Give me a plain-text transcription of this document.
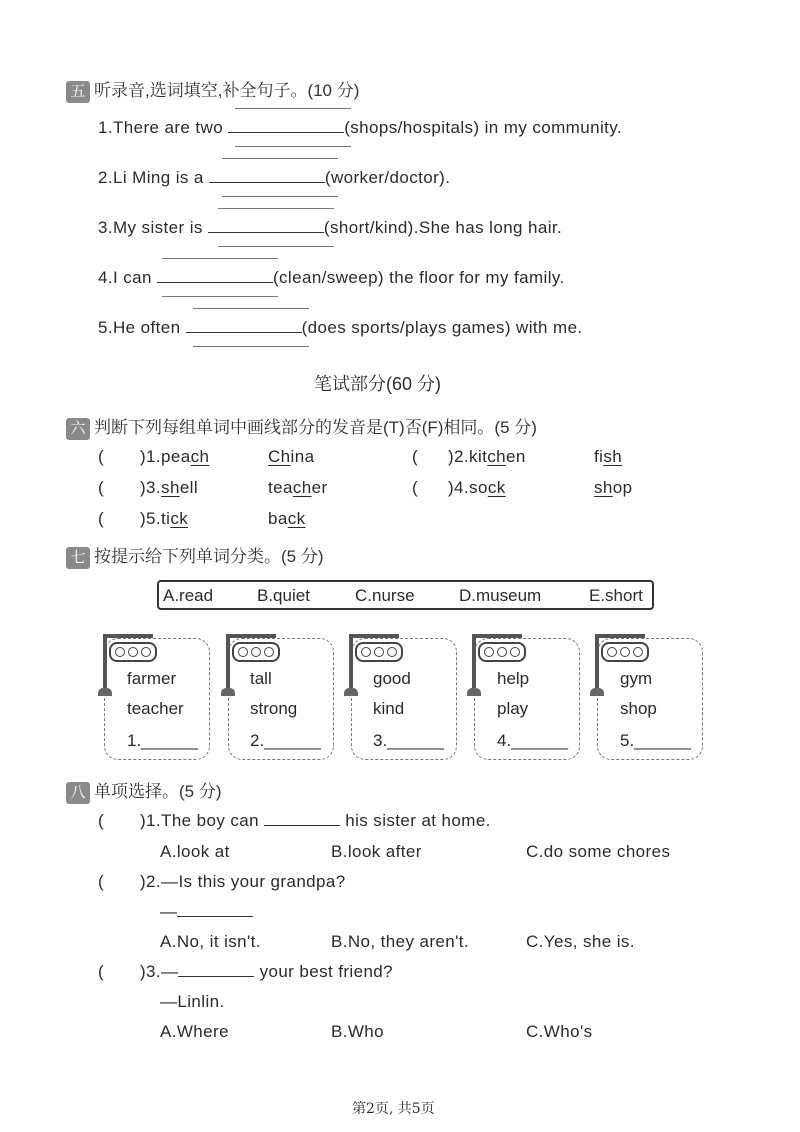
五 听录音,选词填空,补全句子。(10 分)
1.There are two	(shops/hospitals) in my community.
2.Li Ming is a	(worker/doctor).
3.My sister is	(short/kind).She has long hair.
4.I can	(clean/sweep) the floor for my family.
5.He often	(does sports/plays games) with me.
笔试部分(60 分)
六 判断下列每组单词中画线部分的发音是(T)否(F)相同。(5 分)
( )1.peach	China	( )2.kitchen	fish
( )3.shell	teacher	( )4.sock	shop
( )5.tick	back
七 按提示给下列单词分类。(5 分)
A.read	B.quiet	C.nurse	D.museum	E.short
farmer
teacher
1.______
tall
strong
2.______
good
kind
3.______
help
play
4.______
gym
shop
5.______
八 单项选择。(5 分)
( )1.The boy can	his sister at home.
A.look at	B.look after	C.do some chores
( )2.—Is this your grandpa?
—
A.No, it isn't.	B.No, they aren't.	C.Yes, she is.
( )3.—	your best friend?
—Linlin.
A.Where	B.Who	C.Who's
第2页, 共5页
